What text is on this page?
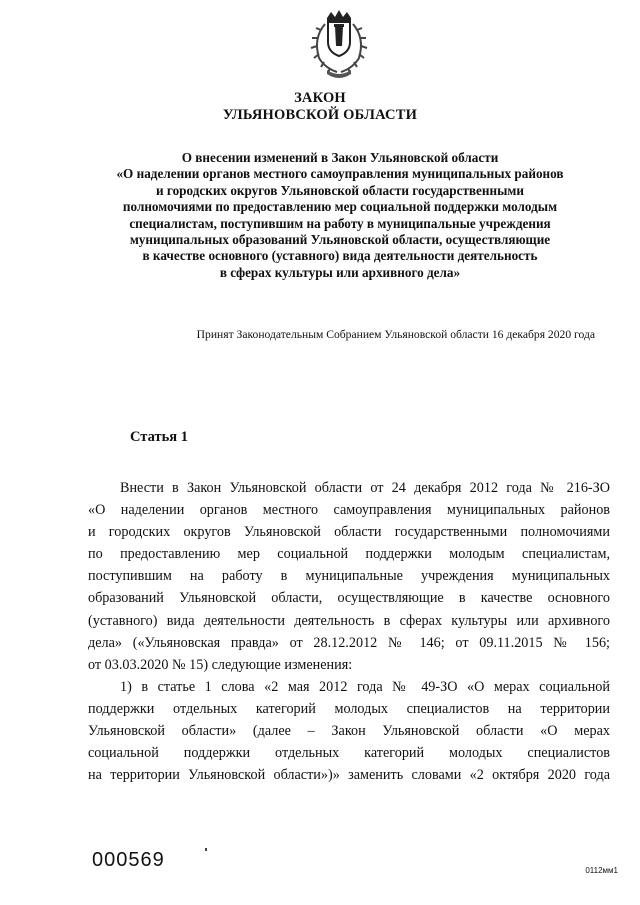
ЗАКОН
УЛЬЯНОВСКОЙ ОБЛАСТИ
О внесении изменений в Закон Ульяновской области
«О наделении органов местного самоуправления муниципальных районов
и городских округов Ульяновской области государственными
полномочиями по предоставлению мер социальной поддержки молодым
специалистам, поступившим на работу в муниципальные учреждения
муниципальных образований Ульяновской области, осуществляющие
в качестве основного (уставного) вида деятельности деятельность
в сферах культуры или архивного дела»
Принят Законодательным Собранием Ульяновской области 16 декабря 2020 года
Статья 1
Внести в Закон Ульяновской области от 24 декабря 2012 года № 216-ЗО
«О наделении органов местного самоуправления муниципальных районов
и городских округов Ульяновской области государственными полномочиями
по предоставлению мер социальной поддержки молодым специалистам,
поступившим на работу в муниципальные учреждения муниципальных
образований Ульяновской области, осуществляющие в качестве основного
(уставного) вида деятельности деятельность в сферах культуры или архивного
дела» («Ульяновская правда» от 28.12.2012 № 146; от 09.11.2015 № 156;
от 03.03.2020 № 15) следующие изменения:
1) в статье 1 слова «2 мая 2012 года № 49-ЗО «О мерах социальной
поддержки отдельных категорий молодых специалистов на территории
Ульяновской области» (далее – Закон Ульяновской области «О мерах
социальной поддержки отдельных категорий молодых специалистов
на территории Ульяновской области»)» заменить словами «2 октября 2020 года
000569	0112мм1
